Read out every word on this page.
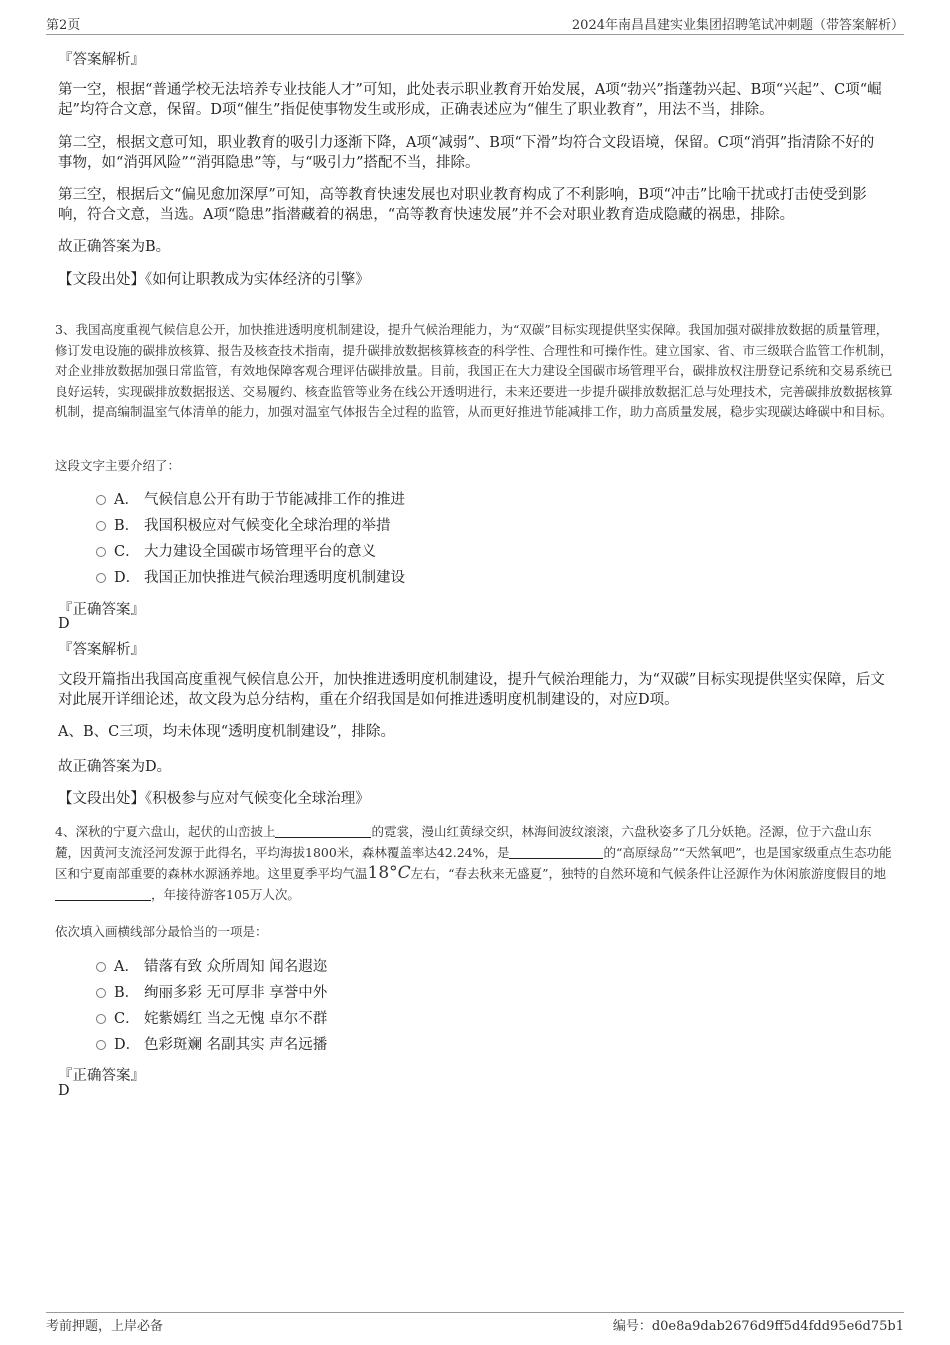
第2页	2024年南昌昌建实业集团招聘笔试冲刺题（带答案解析）
『答案解析』

第一空，根据“普通学校无法培养专业技能人才”可知，此处表示职业教育开始发展，A项“勃兴”指蓬勃兴起、B项“兴起”、C项“崛起”均符合文意，保留。D项“催生”指促使事物发生或形成，正确表述应为“催生了职业教育”，用法不当，排除。

第二空，根据文意可知，职业教育的吸引力逐渐下降，A项“减弱”、B项“下滑”均符合文段语境，保留。C项“消弭”指清除不好的事物，如“消弭风险”“消弭隐患”等，与“吸引力”搭配不当，排除。

第三空，根据后文“偏见愈加深厚”可知，高等教育快速发展也对职业教育构成了不利影响，B项“冲击”比喻干扰或打击使受到影响，符合文意，当选。A项“隐患”指潜藏着的祸患，“高等教育快速发展”并不会对职业教育造成隐藏的祸患，排除。

故正确答案为B。

【文段出处】《如何让职教成为实体经济的引擎》

3、我国高度重视气候信息公开，加快推进透明度机制建设，提升气候治理能力，为“双碳”目标实现提供坚实保障。我国加强对碳排放数据的质量管理，修订发电设施的碳排放核算、报告及核查技术指南，提升碳排放数据核算核查的科学性、合理性和可操作性。建立国家、省、市三级联合监管工作机制，对企业排放数据加强日常监管，有效地保障客观合理评估碳排放量。目前，我国正在大力建设全国碳市场管理平台，碳排放权注册登记系统和交易系统已良好运转，实现碳排放数据报送、交易履约、核查监管等业务在线公开透明进行，未来还要进一步提升碳排放数据汇总与处理技术，完善碳排放数据核算机制，提高编制温室气体清单的能力，加强对温室气体报告全过程的监管，从而更好推进节能减排工作，助力高质量发展，稳步实现碳达峰碳中和目标。

这段文字主要介绍了：
A． 气候信息公开有助于节能减排工作的推进
B． 我国积极应对气候变化全球治理的举措
C． 大力建设全国碳市场管理平台的意义
D． 我国正加快推进气候治理透明度机制建设
『正确答案』
D
『答案解析』

文段开篇指出我国高度重视气候信息公开，加快推进透明度机制建设，提升气候治理能力，为“双碳”目标实现提供坚实保障，后文对此展开详细论述，故文段为总分结构，重在介绍我国是如何推进透明度机制建设的，对应D项。

A、B、C三项，均未体现“透明度机制建设”，排除。

故正确答案为D。

【文段出处】《积极参与应对气候变化全球治理》

4、深秋的宁夏六盘山，起伏的山峦披上	的霓裳，漫山红黄绿交织，林海间波纹滚滚，六盘秋姿多了几分妖艳。泾源，位于六盘山东麓，因黄河支流泾河发源于此得名，平均海拔1800米，森林覆盖率达42.24%，是	的“高原绿岛”“天然氧吧”，也是国家级重点生态功能区和宁夏南部重要的森林水源涵养地。这里夏季平均气温18°C左右，“春去秋来无盛夏”，独特的自然环境和气候条件让泾源作为休闲旅游度假目的地，年接待游客105万人次。

依次填入画横线部分最恰当的一项是：
A． 错落有致 众所周知 闻名遐迩
B． 绚丽多彩 无可厚非 享誉中外
C． 姹紫嫣红 当之无愧 卓尔不群
D． 色彩斑斓 名副其实 声名远播
『正确答案』
D
考前押题，上岸必备	编号：d0e8a9dab2676d9ff5d4fdd95e6d75b1
